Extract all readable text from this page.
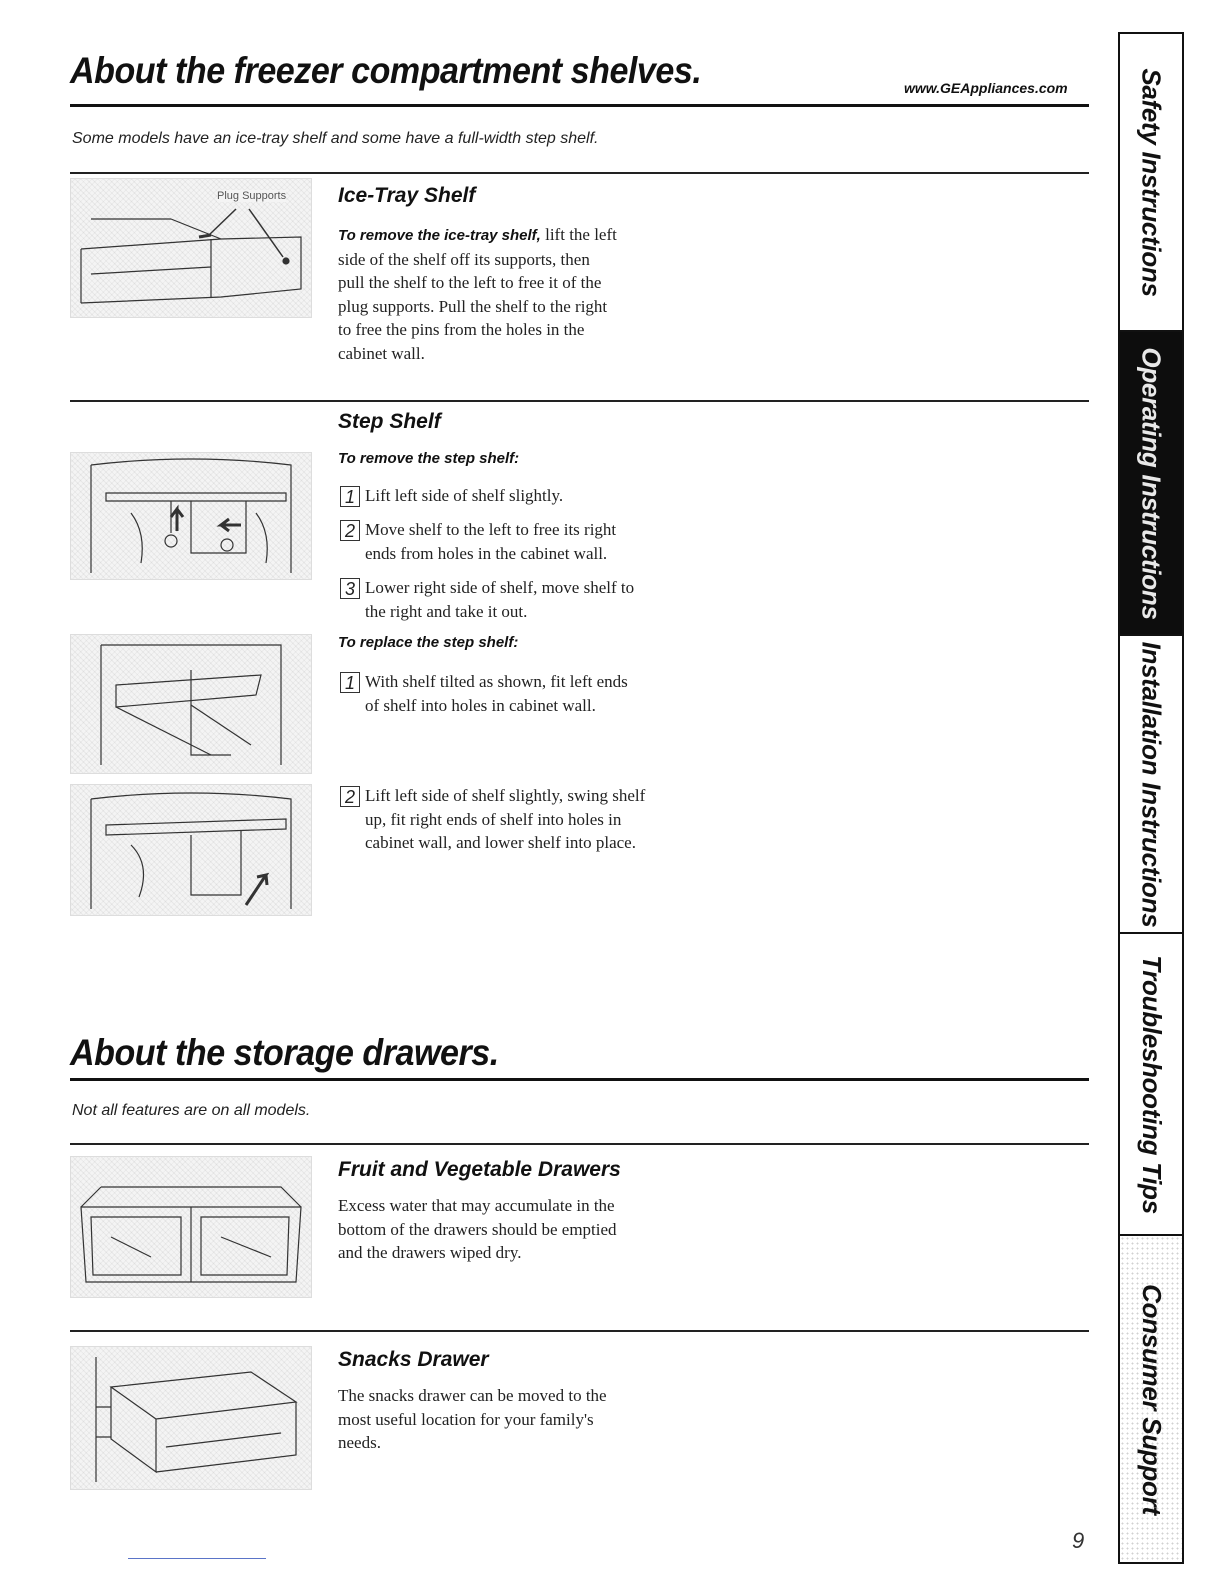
About the freezer compartment shelves.	www.GEAppliances.com
Some models have an ice-tray shelf and some have a full-width step shelf.
Plug Supports Ice-Tray Shelf
To remove the ice-tray shelf, lift the left
side of the shelf off its supports, then
pull the shelf to the left to free it of the
plug supports. Pull the shelf to the right
to free the pins from the holes in the
cabinet wall.
Step Shelf
To remove the step shelf:
1 Lift left side of shelf slightly.
2 Move shelf to the left to free its right
ends from holes in the cabinet wall.
3 Lower right side of shelf, move shelf to
the right and take it out.
To replace the step shelf:
1 With shelf tilted as shown, fit left ends
of shelf into holes in cabinet wall.
2 Lift left side of shelf slightly, swing shelf
up, fit right ends of shelf into holes in
cabinet wall, and lower shelf into place.
About the storage drawers.
Not all features are on all models.
Fruit and Vegetable Drawers
Excess water that may accumulate in the
bottom of the drawers should be emptied
and the drawers wiped dry.
Snacks Drawer
The snacks drawer can be moved to the
most useful location for your family's
needs.
9
Safety Instructions
Operating Instructions
Installation Instructions
Troubleshooting Tips
Consumer Support
